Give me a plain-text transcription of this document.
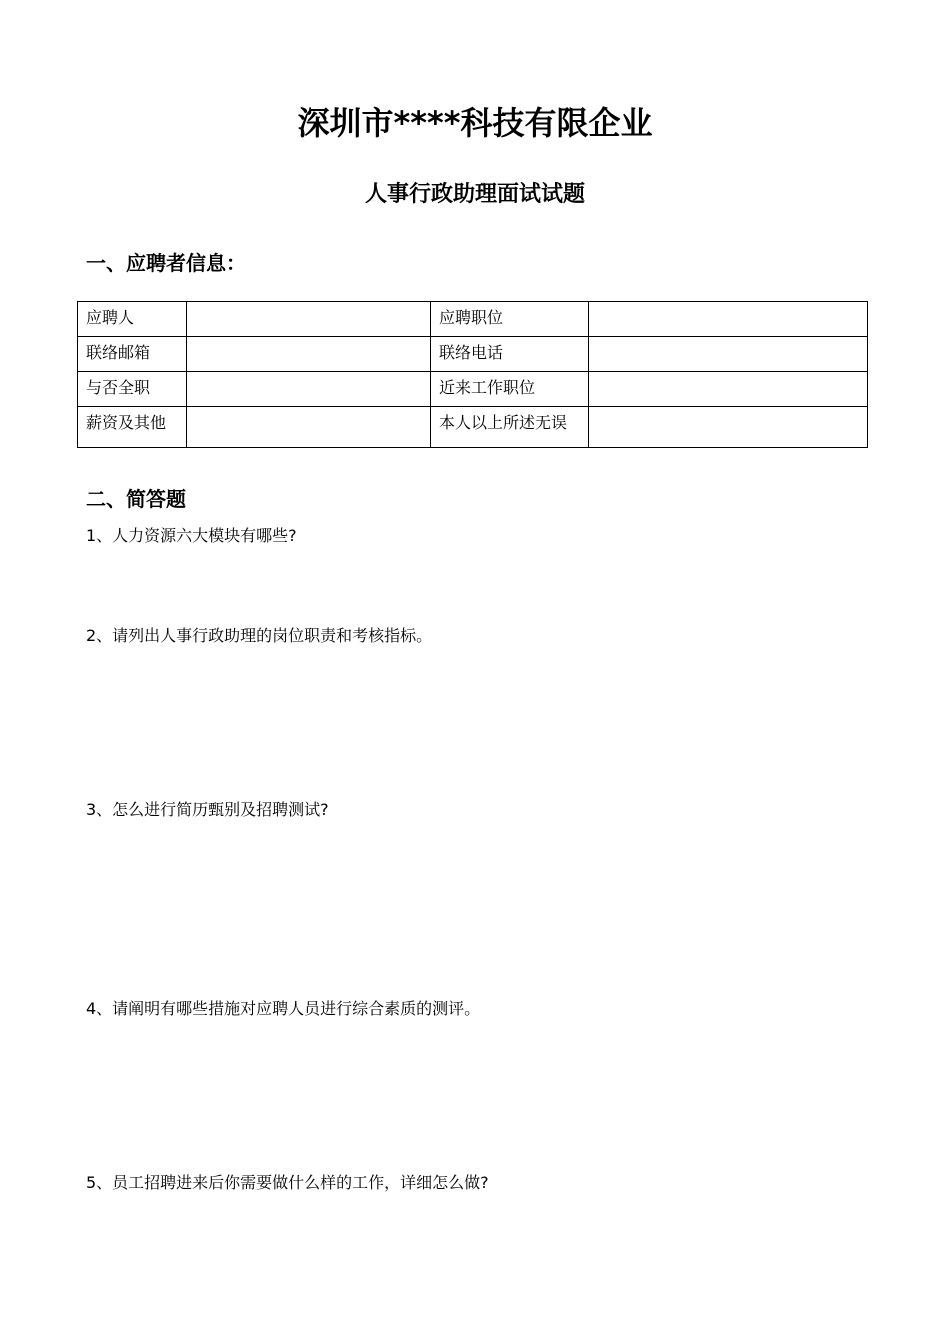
深圳市****科技有限企业
人事行政助理面试试题
一、应聘者信息：
应聘人		应聘职位	
联络邮箱		联络电话	
与否全职		近来工作职位	
薪资及其他		本人以上所述无误	
二、简答题
1、人力资源六大模块有哪些?
2、请列出人事行政助理的岗位职责和考核指标。
3、怎么进行简历甄别及招聘测试?
4、请阐明有哪些措施对应聘人员进行综合素质的测评。
5、员工招聘进来后你需要做什么样的工作，详细怎么做?
